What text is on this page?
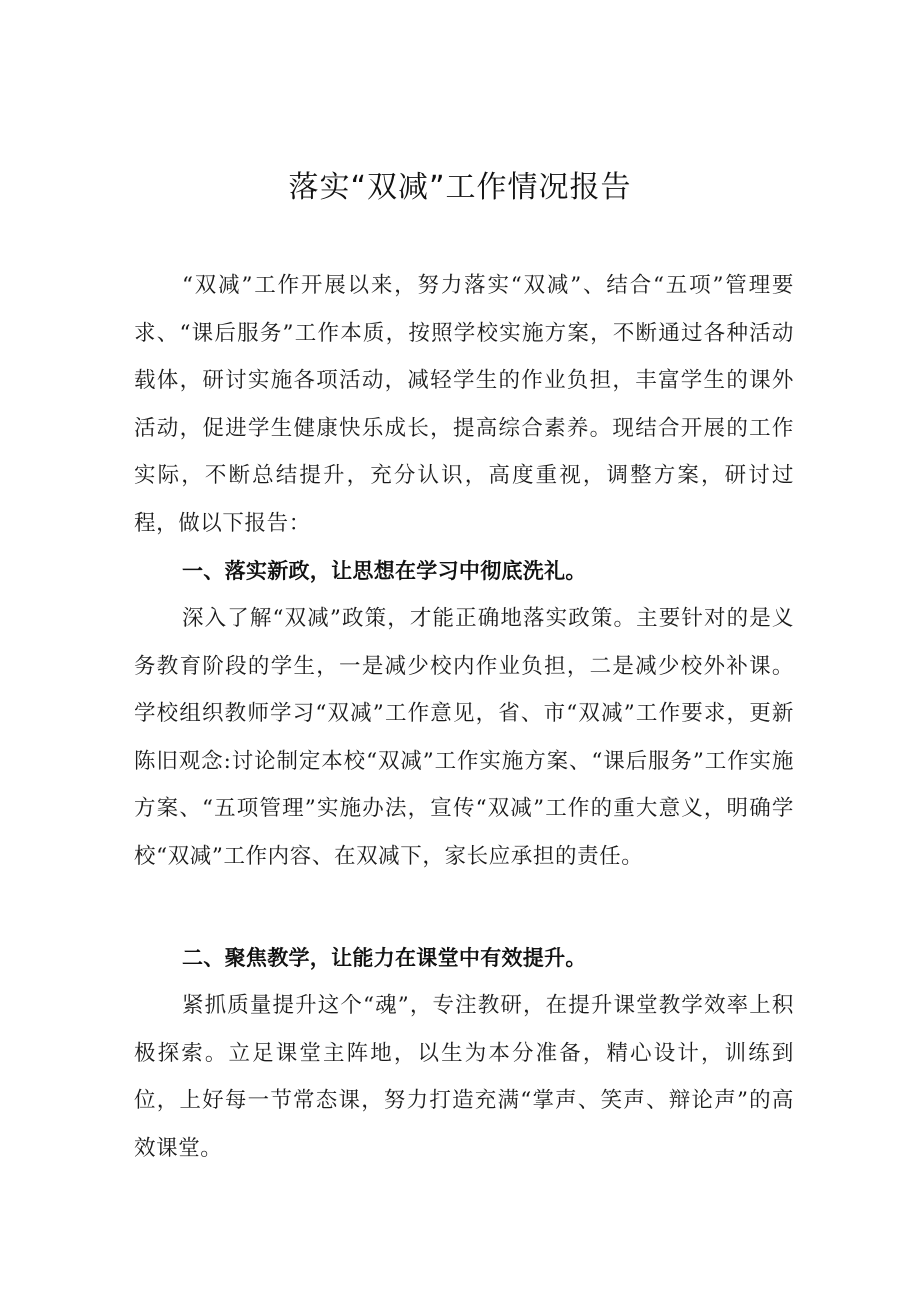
落实“双减”工作情况报告

“双减”工作开展以来，努力落实“双减”、结合“五项”管理要求、“课后服务”工作本质，按照学校实施方案，不断通过各种活动载体，研讨实施各项活动，减轻学生的作业负担，丰富学生的课外活动，促进学生健康快乐成长，提高综合素养。现结合开展的工作实际，不断总结提升，充分认识，高度重视，调整方案，研讨过程，做以下报告：

一、落实新政，让思想在学习中彻底洗礼。

深入了解“双减”政策，才能正确地落实政策。主要针对的是义务教育阶段的学生，一是减少校内作业负担，二是减少校外补课。学校组织教师学习“双减”工作意见，省、市“双减”工作要求，更新陈旧观念:讨论制定本校“双减”工作实施方案、“课后服务”工作实施方案、“五项管理”实施办法，宣传“双减”工作的重大意义，明确学校“双减”工作内容、在双减下，家长应承担的责任。

二、聚焦教学，让能力在课堂中有效提升。

紧抓质量提升这个“魂”，专注教研，在提升课堂教学效率上积极探索。立足课堂主阵地，以生为本分准备，精心设计，训练到位，上好每一节常态课，努力打造充满“掌声、笑声、辩论声”的高效课堂。
